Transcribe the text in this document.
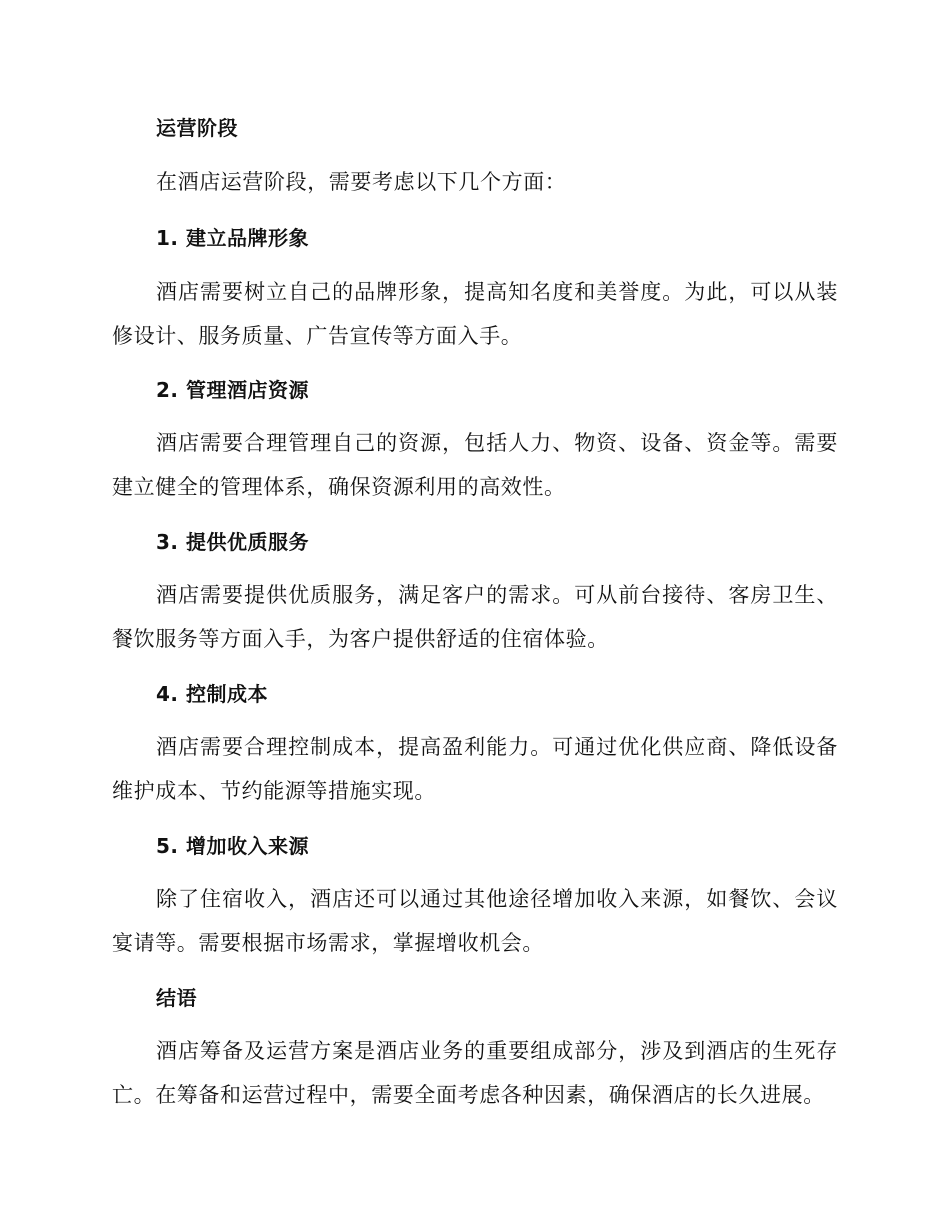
运营阶段
在酒店运营阶段，需要考虑以下几个方面：
1. 建立品牌形象
酒店需要树立自己的品牌形象，提高知名度和美誉度。为此，可以从装修设计、服务质量、广告宣传等方面入手。
2. 管理酒店资源
酒店需要合理管理自己的资源，包括人力、物资、设备、资金等。需要建立健全的管理体系，确保资源利用的高效性。
3. 提供优质服务
酒店需要提供优质服务，满足客户的需求。可从前台接待、客房卫生、餐饮服务等方面入手，为客户提供舒适的住宿体验。
4. 控制成本
酒店需要合理控制成本，提高盈利能力。可通过优化供应商、降低设备维护成本、节约能源等措施实现。
5. 增加收入来源
除了住宿收入，酒店还可以通过其他途径增加收入来源，如餐饮、会议宴请等。需要根据市场需求，掌握增收机会。
结语
酒店筹备及运营方案是酒店业务的重要组成部分，涉及到酒店的生死存亡。在筹备和运营过程中，需要全面考虑各种因素，确保酒店的长久进展。
